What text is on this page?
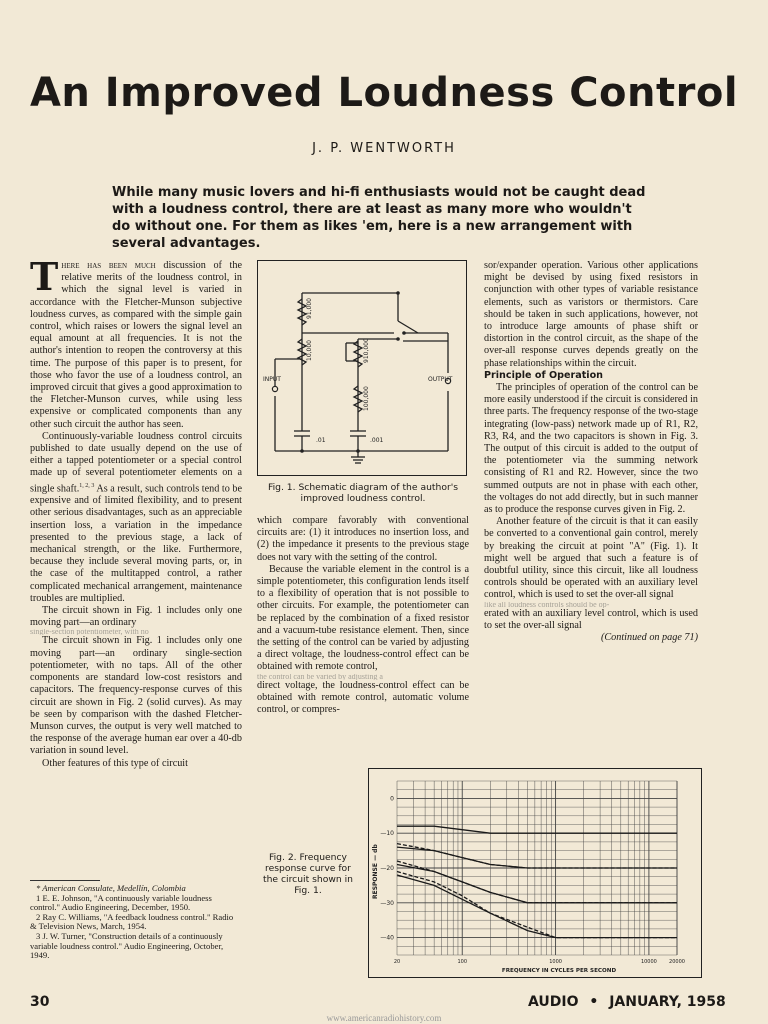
An Improved Loudness Control
J. P. WENTWORTH
While many music lovers and hi-fi enthusiasts would not be caught dead with a loudness control, there are at least as many more who wouldn't do without one. For them as likes 'em, here is a new arrangement with several advantages.

There has been much discussion of the relative merits of the loudness control, in which the signal level is varied in accordance with the Fletcher-Munson subjective loudness curves, as compared with the simple gain control, which raises or lowers the signal level an equal amount at all frequencies. It is not the author's intention to reopen the controversy at this time. The purpose of this paper is to present, for those who favor the use of a loudness control, an improved circuit that gives a good approximation to the Fletcher-Munson curves, while using less expensive or complicated components than any other such circuit the author has seen.

Continuously-variable loudness control circuits published to date usually depend on the use of either a tapped potentiometer or a special control made up of several potentiometer elements on a single shaft.$^{1, 2, 3}$ As a result, such controls tend to be expensive and of limited flexibility, and to present other serious disadvantages, such as an appreciable insertion loss, a variation in the impedance presented to the previous stage, a lack of mechanical strength, or the like. Furthermore, because they include several moving parts, or, in the case of the multitapped control, a rather complicated mechanical arrangement, maintenance troubles are multiplied.

The circuit shown in Fig. 1 includes only one moving part—an ordinary

single-section potentiometer, with no

The circuit shown in Fig. 1 includes only one moving part—an ordinary single-section potentiometer, with no taps. All of the other components are standard low-cost resistors and capacitors. The frequency-response curves of this circuit are shown in Fig. 2 (solid curves). As may be seen by comparison with the dashed Fletcher-Munson curves, the output is very well matched to the response of the average human ear over a 40-db variation in sound level.

Other features of this type of circuit

* American Consulate, Medellín, Colombia
1 E. E. Johnson, "A continuously variable loudness control." Audio Engineering, December, 1950.
2 Ray C. Williams, "A feedback loudness control." Radio & Television News, March, 1954.
3 J. W. Turner, "Construction details of a continuously variable loudness control." Audio Engineering, October, 1949.
INPUT	OUTPUT
91,000
10,000	910,000
100,000
.01	.001
Fig. 1. Schematic diagram of the author's improved loudness control.

which compare favorably with conventional circuits are: (1) it introduces no insertion loss, and (2) the impedance it presents to the previous stage does not vary with the setting of the control.

Because the variable element in the control is a simple potentiometer, this configuration lends itself to a flexibility of operation that is not possible to other circuits. For example, the potentiometer can be replaced by the combination of a fixed resistor and a vacuum-tube resistance element. Then, since the setting of the control can be varied by adjusting a direct voltage, the loudness-control effect can be obtained with remote control,

the control can be varied by adjusting a

direct voltage, the loudness-control effect can be obtained with remote control, automatic volume control, or compres-

sor/expander operation. Various other applications might be devised by using fixed resistors in conjunction with other types of variable resistance elements, such as varistors or thermistors. Care should be taken in such applications, however, not to introduce large amounts of phase shift or distortion in the control circuit, as the shape of the over-all response curves depends greatly on the phase relationships within the circuit.

Principle of Operation

The principles of operation of the control can be more easily understood if the circuit is considered in three parts. The frequency response of the two-stage integrating (low-pass) network made up of R1, R2, R3, R4, and the two capacitors is shown in Fig. 3. The output of this circuit is added to the output of the potentiometer via the summing network consisting of R1 and R2. However, since the two summed outputs are not in phase with each other, the voltages do not add directly, but in such manner as to produce the response curves given in Fig. 2.

Another feature of the circuit is that it can easily be converted to a conventional gain control, merely by breaking the circuit at point "A" (Fig. 1). It might well be argued that such a feature is of doubtful utility, since this circuit, like all loudness controls should be operated with an auxiliary level control, which is used to set the over-all signal

like all loudness controls should be op-

erated with an auxiliary level control, which is used to set the over-all signal

(Continued on page 71)

Fig. 2. Frequency response curve for the circuit shown in Fig. 1.
0
—10
—20
—30
—40
20	100	1000	10000 20000
RESPONSE — db
FREQUENCY IN CYCLES PER SECOND
30	AUDIO • JANUARY, 1958
www.americanradiohistory.com
